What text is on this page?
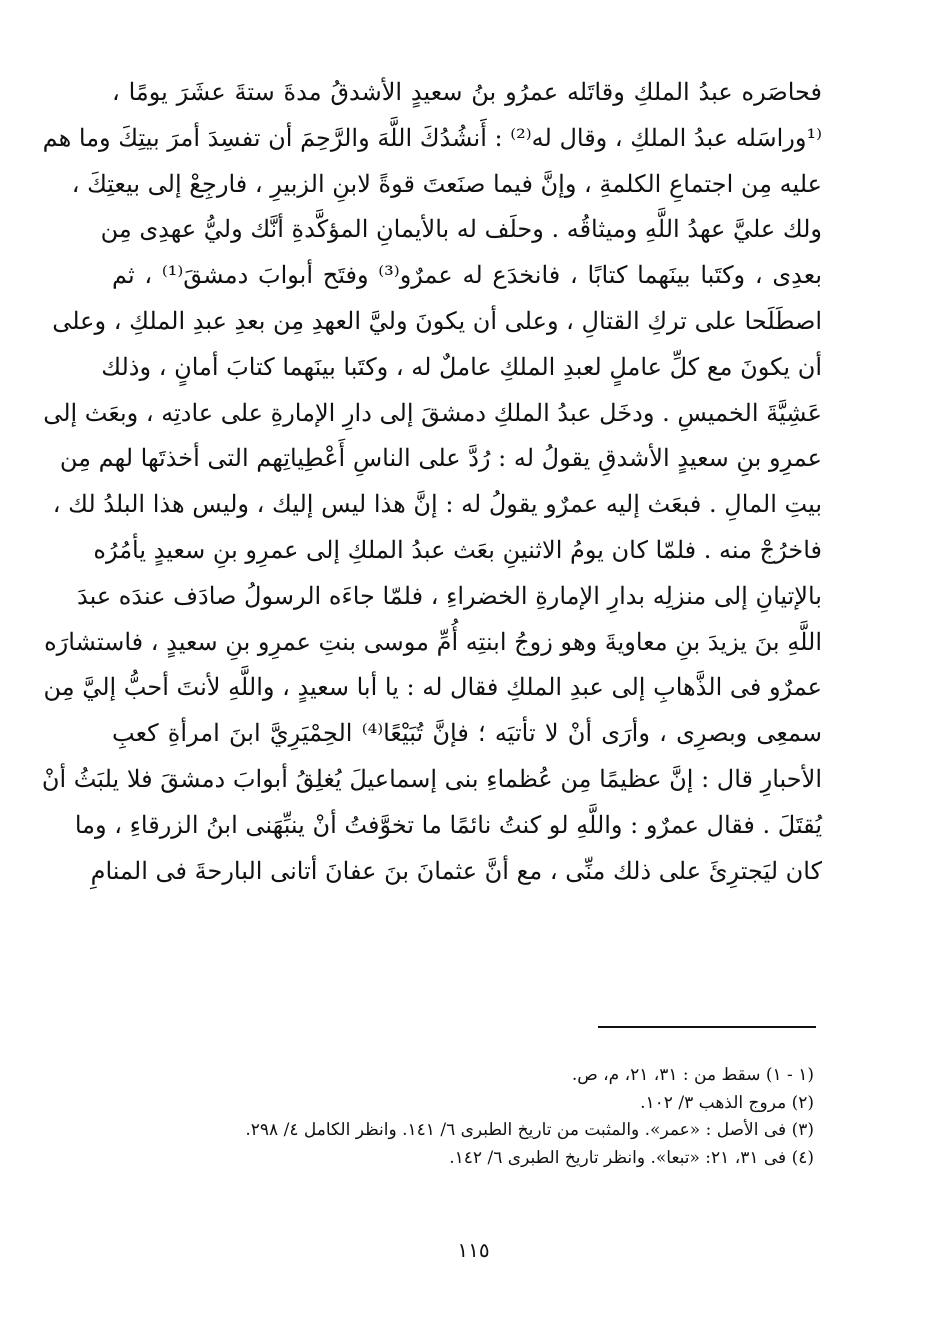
فحاصَره عبدُ الملكِ وقاتَله عمرُو بنُ سعيدٍ الأشدقُ مدةَ ستةَ عشَرَ يومًا ،
⁽¹وراسَله عبدُ الملكِ ، وقال له⁽²⁾ : أَنشُدُكَ اللَّهَ والرَّحِمَ أن تفسِدَ أمرَ بيتِكَ وما هم
عليه مِن اجتماعِ الكلمةِ ، وإنَّ فيما صنَعتَ قوةً لابنِ الزبيرِ ، فارجِعْ إلى بيعتِكَ ،
ولك عليَّ عهدُ اللَّهِ وميثاقُه . وحلَف له بالأيمانِ المؤكَّدةِ أنَّك وليُّ عهدِى مِن
بعدِى ، وكتَبا بينَهما كتابًا ، فانخدَع له عمرٌو⁽³⁾ وفتَح أبوابَ دمشقَ⁽¹⁾ ، ثم
اصطَلَحا على تركِ القتالِ ، وعلى أن يكونَ وليَّ العهدِ مِن بعدِ عبدِ الملكِ ، وعلى
أن يكونَ مع كلِّ عاملٍ لعبدِ الملكِ عاملٌ له ، وكتَبا بينَهما كتابَ أمانٍ ، وذلك
عَشِيَّةَ الخميسِ . ودخَل عبدُ الملكِ دمشقَ إلى دارِ الإمارةِ على عادتِه ، وبعَث إلى
عمرِو بنِ سعيدٍ الأشدقِ يقولُ له : رُدَّ على الناسِ أَعْطِياتِهم التى أخذتَها لهم مِن
بيتِ المالِ . فبعَث إليه عمرٌو يقولُ له : إنَّ هذا ليس إليك ، وليس هذا البلدُ لك ،
فاخرُجْ منه . فلمّا كان يومُ الاثنينِ بعَث عبدُ الملكِ إلى عمرِو بنِ سعيدٍ يأمُرُه
بالإتيانِ إلى منزلِه بدارِ الإمارةِ الخضراءِ ، فلمّا جاءَه الرسولُ صادَف عندَه عبدَ
اللَّهِ بنَ يزيدَ بنِ معاويةَ وهو زوجُ ابنتِه أُمِّ موسى بنتِ عمرِو بنِ سعيدٍ ، فاستشارَه
عمرٌو فى الذَّهابِ إلى عبدِ الملكِ فقال له : يا أبا سعيدٍ ، واللَّهِ لأنتَ أحبُّ إليَّ مِن
سمعِى وبصرِى ، وأرَى أنْ لا تأتيَه ؛ فإنَّ تُبَيْعًا⁽⁴⁾ الحِمْيَرِيَّ ابنَ امرأةِ كعبِ
الأحبارِ قال : إنَّ عظيمًا مِن عُظماءِ بنى إسماعيلَ يُغلِقُ أبوابَ دمشقَ فلا يلبَثُ أنْ
يُقتَلَ . فقال عمرٌو : واللَّهِ لو كنتُ نائمًا ما تخوَّفتُ أنْ ينبِّهَنى ابنُ الزرقاءِ ، وما
كان ليَجترِئَ على ذلك منِّى ، مع أنَّ عثمانَ بنَ عفانَ أتانى البارحةَ فى المنامِ
(١ - ١) سقط من : ٣١، ٢١، م، ص.
(٢) مروج الذهب ٣/ ١٠٢.
(٣) فى الأصل : «عمر». والمثبت من تاريخ الطبرى ٦/ ١٤١. وانظر الكامل ٤/ ٢٩٨.
(٤) فى ٣١، ٢١: «تبعا». وانظر تاريخ الطبرى ٦/ ١٤٢.
١١٥
